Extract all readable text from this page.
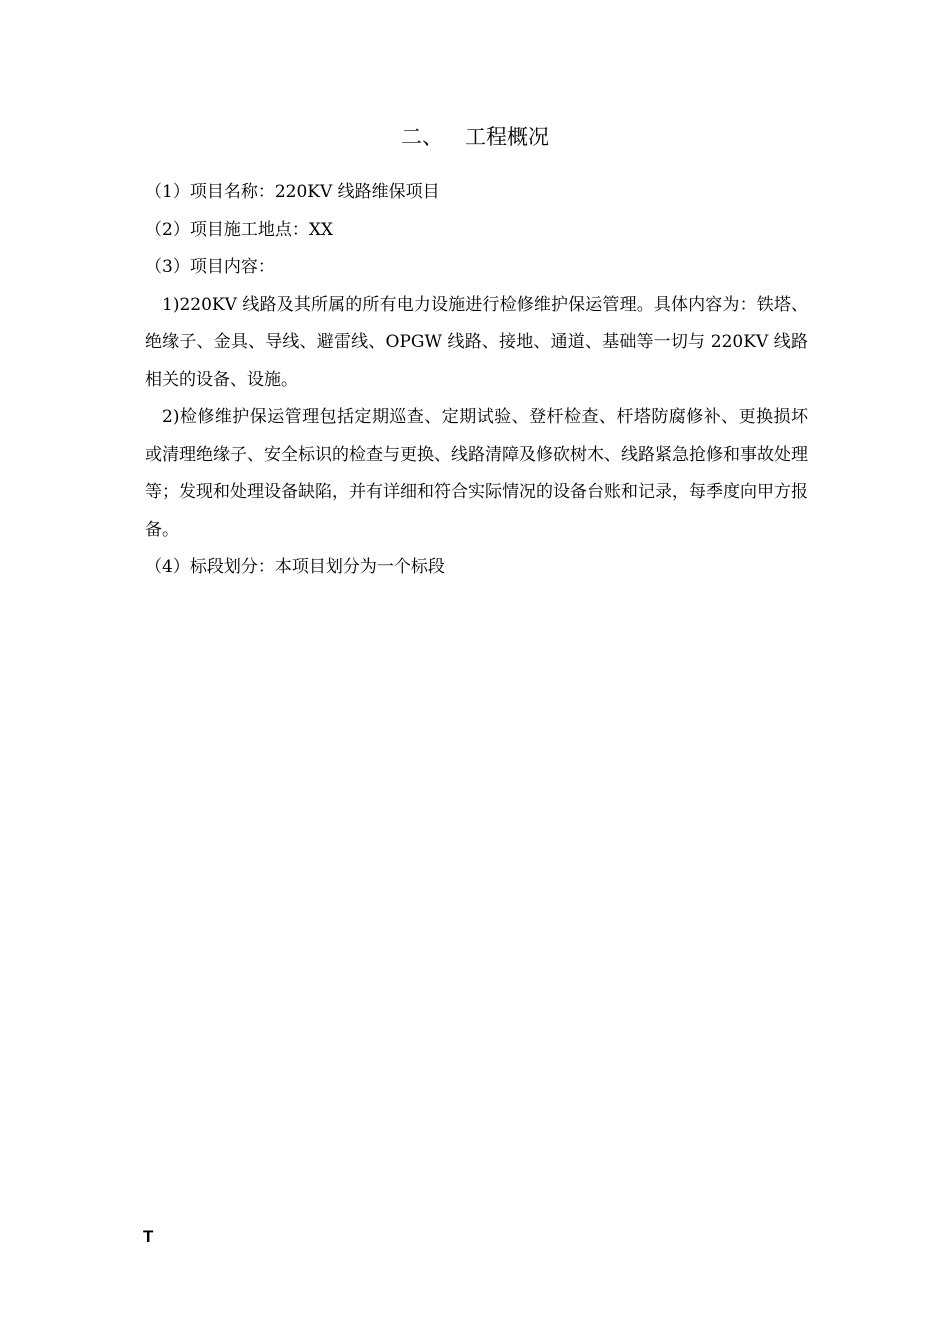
二、 工程概况

（1）项目名称：220KV 线路维保项目

（2）项目施工地点：XX

（3）项目内容：

1)220KV 线路及其所属的所有电力设施进行检修维护保运管理。具体内容为：铁塔、绝缘子、金具、导线、避雷线、OPGW 线路、接地、通道、基础等一切与 220KV 线路相关的设备、设施。

2)检修维护保运管理包括定期巡查、定期试验、登杆检查、杆塔防腐修补、更换损坏或清理绝缘子、安全标识的检查与更换、线路清障及修砍树木、线路紧急抢修和事故处理等；发现和处理设备缺陷，并有详细和符合实际情况的设备台账和记录，每季度向甲方报备。

（4）标段划分：本项目划分为一个标段

T
